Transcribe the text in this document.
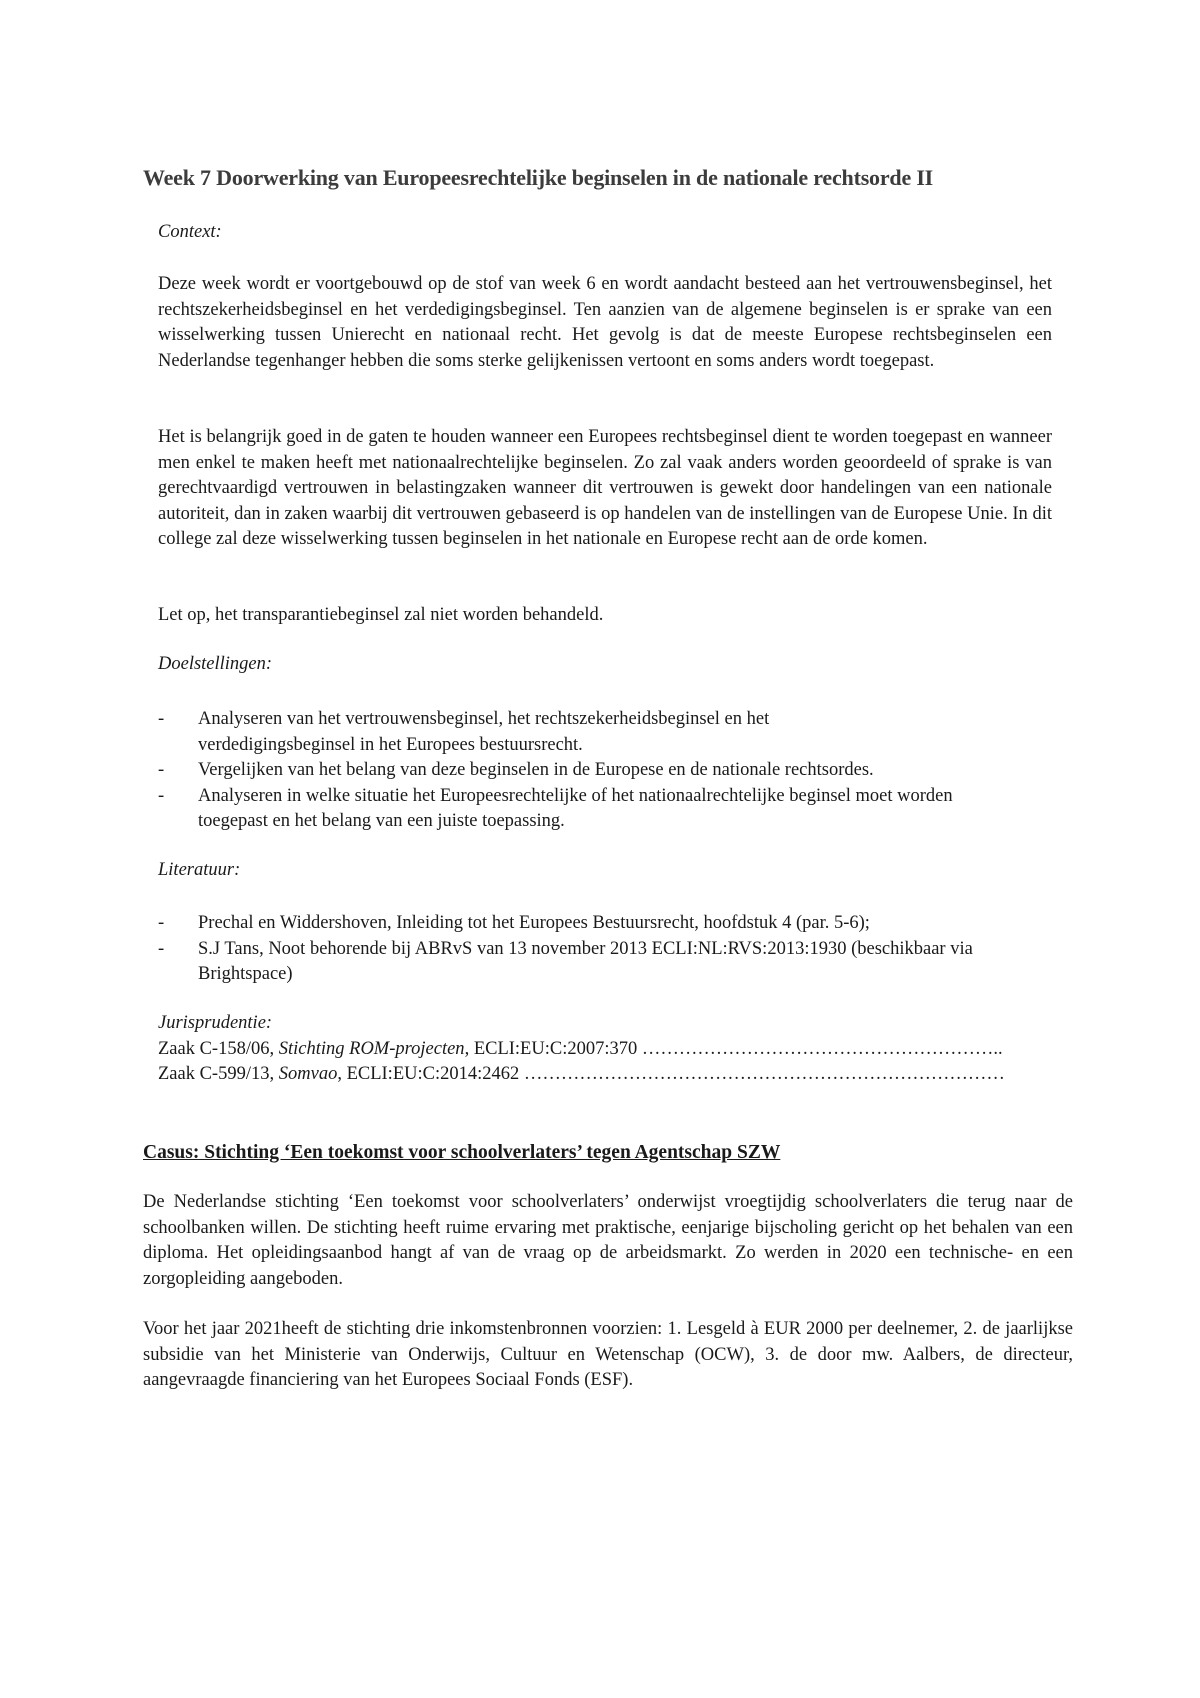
Week 7 Doorwerking van Europeesrechtelijke beginselen in de nationale rechtsorde II
Context:
Deze week wordt er voortgebouwd op de stof van week 6 en wordt aandacht besteed aan het vertrouwensbeginsel, het rechtszekerheidsbeginsel en het verdedigingsbeginsel. Ten aanzien van de algemene beginselen is er sprake van een wisselwerking tussen Unierecht en nationaal recht. Het gevolg is dat de meeste Europese rechtsbeginselen een Nederlandse tegenhanger hebben die soms sterke gelijkenissen vertoont en soms anders wordt toegepast.
Het is belangrijk goed in de gaten te houden wanneer een Europees rechtsbeginsel dient te worden toegepast en wanneer men enkel te maken heeft met nationaalrechtelijke beginselen. Zo zal vaak anders worden geoordeeld of sprake is van gerechtvaardigd vertrouwen in belastingzaken wanneer dit vertrouwen is gewekt door handelingen van een nationale autoriteit, dan in zaken waarbij dit vertrouwen gebaseerd is op handelen van de instellingen van de Europese Unie. In dit college zal deze wisselwerking tussen beginselen in het nationale en Europese recht aan de orde komen.
Let op, het transparantiebeginsel zal niet worden behandeld.
Doelstellingen:
- Analyseren van het vertrouwensbeginsel, het rechtszekerheidsbeginsel en het verdedigingsbeginsel in het Europees bestuursrecht.
- Vergelijken van het belang van deze beginselen in de Europese en de nationale rechtsordes.
- Analyseren in welke situatie het Europeesrechtelijke of het nationaalrechtelijke beginsel moet worden toegepast en het belang van een juiste toepassing.
Literatuur:
- Prechal en Widdershoven, Inleiding tot het Europees Bestuursrecht, hoofdstuk 4 (par. 5-6);
- S.J Tans, Noot behorende bij ABRvS van 13 november 2013 ECLI:NL:RVS:2013:1930 (beschikbaar via Brightspace)
Jurisprudentie:
Zaak C-158/06, Stichting ROM-projecten, ECLI:EU:C:2007:370 …………………………………………………..
Zaak C-599/13, Somvao, ECLI:EU:C:2014:2462 ……………………………………………………………………
Casus: Stichting ‘Een toekomst voor schoolverlaters’ tegen Agentschap SZW
De Nederlandse stichting ‘Een toekomst voor schoolverlaters’ onderwijst vroegtijdig schoolverlaters die terug naar de schoolbanken willen. De stichting heeft ruime ervaring met praktische, eenjarige bijscholing gericht op het behalen van een diploma. Het opleidingsaanbod hangt af van de vraag op de arbeidsmarkt. Zo werden in 2020 een technische- en een zorgopleiding aangeboden.
Voor het jaar 2021heeft de stichting drie inkomstenbronnen voorzien: 1. Lesgeld à EUR 2000 per deelnemer, 2. de jaarlijkse subsidie van het Ministerie van Onderwijs, Cultuur en Wetenschap (OCW), 3. de door mw. Aalbers, de directeur, aangevraagde financiering van het Europees Sociaal Fonds (ESF).
